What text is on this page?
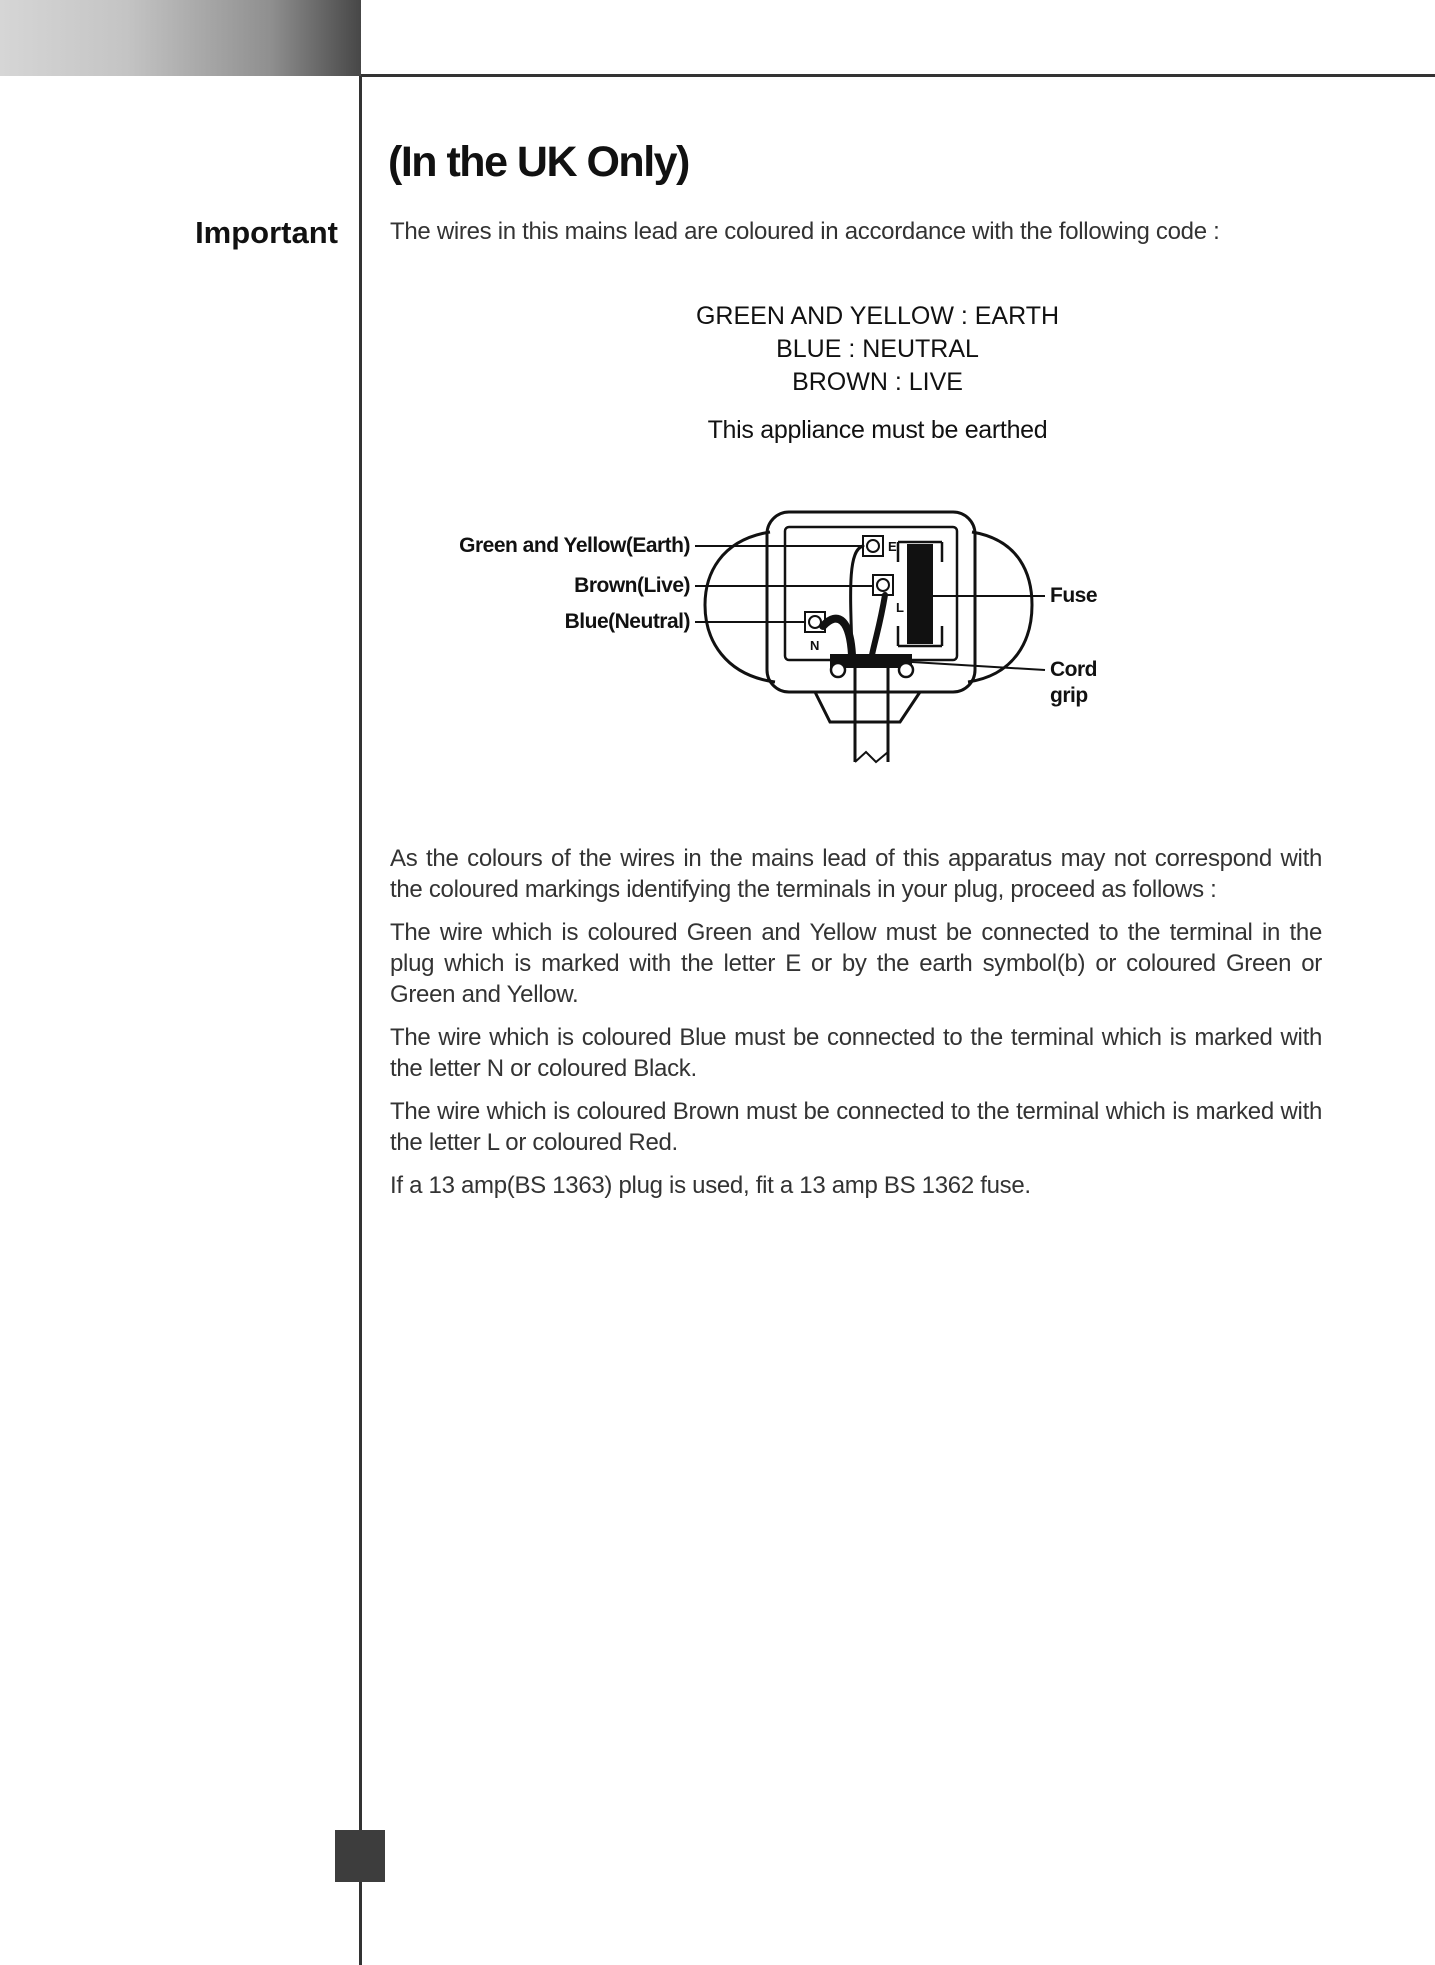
(In the UK Only)
Important The wires in this mains lead are coloured in accordance with the following code :

GREEN AND YELLOW : EARTH
BLUE : NEUTRAL
BROWN : LIVE
This appliance must be earthed
Green and Yellow(Earth)
Brown(Live)
Blue(Neutral)
Fuse
Cord
grip
E
L
N

As the colours of the wires in the mains lead of this apparatus may not correspond with the coloured markings identifying the terminals in your plug, proceed as follows :

The wire which is coloured Green and Yellow must be connected to the terminal in the plug which is marked with the letter E or by the earth symbol(b) or coloured Green or Green and Yellow.

The wire which is coloured Blue must be connected to the terminal which is marked with the letter N or coloured Black.

The wire which is coloured Brown must be connected to the terminal which is marked with the letter L or coloured Red.

If a 13 amp(BS 1363) plug is used, fit a 13 amp BS 1362 fuse.
